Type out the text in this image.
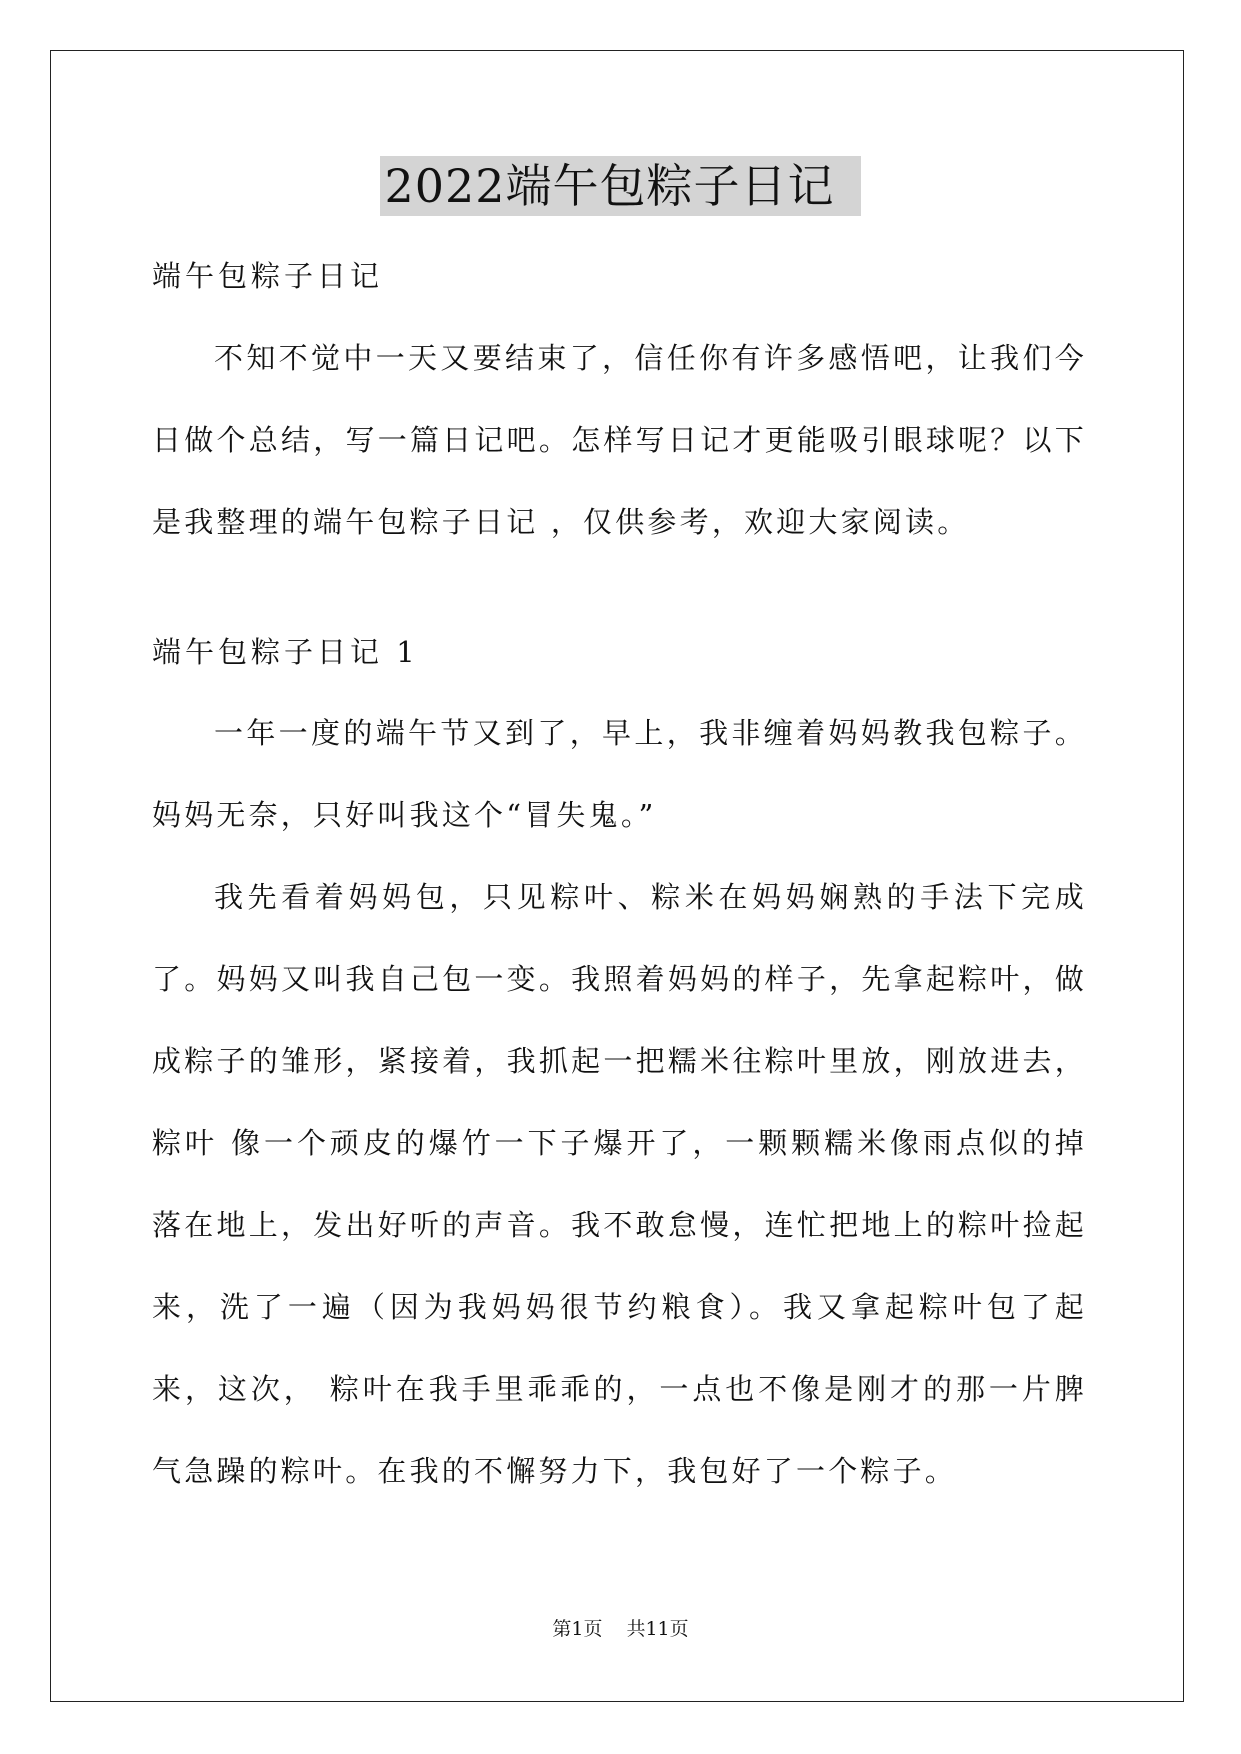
2022端午包粽子日记
端午包粽子日记

不知不觉中一天又要结束了，信任你有许多感悟吧，让我们今日做个总结，写一篇日记吧。怎样写日记才更能吸引眼球呢？以下是我整理的端午包粽子日记 ，仅供参考，欢迎大家阅读。

端午包粽子日记 1

一年一度的端午节又到了，早上，我非缠着妈妈教我包粽子。妈妈无奈，只好叫我这个“冒失鬼。”

我先看着妈妈包，只见粽叶、粽米在妈妈娴熟的手法下完成了。妈妈又叫我自己包一变。我照着妈妈的样子，先拿起粽叶，做成粽子的雏形，紧接着，我抓起一把糯米往粽叶里放，刚放进去，粽叶 像一个顽皮的爆竹一下子爆开了，一颗颗糯米像雨点似的掉落在地上，发出好听的声音。我不敢怠慢，连忙把地上的粽叶捡起来，洗了一遍（因为我妈妈很节约粮食）。我又拿起粽叶包了起来，这次， 粽叶在我手里乖乖的，一点也不像是刚才的那一片脾气急躁的粽叶。在我的不懈努力下，我包好了一个粽子。

第1页 共11页
